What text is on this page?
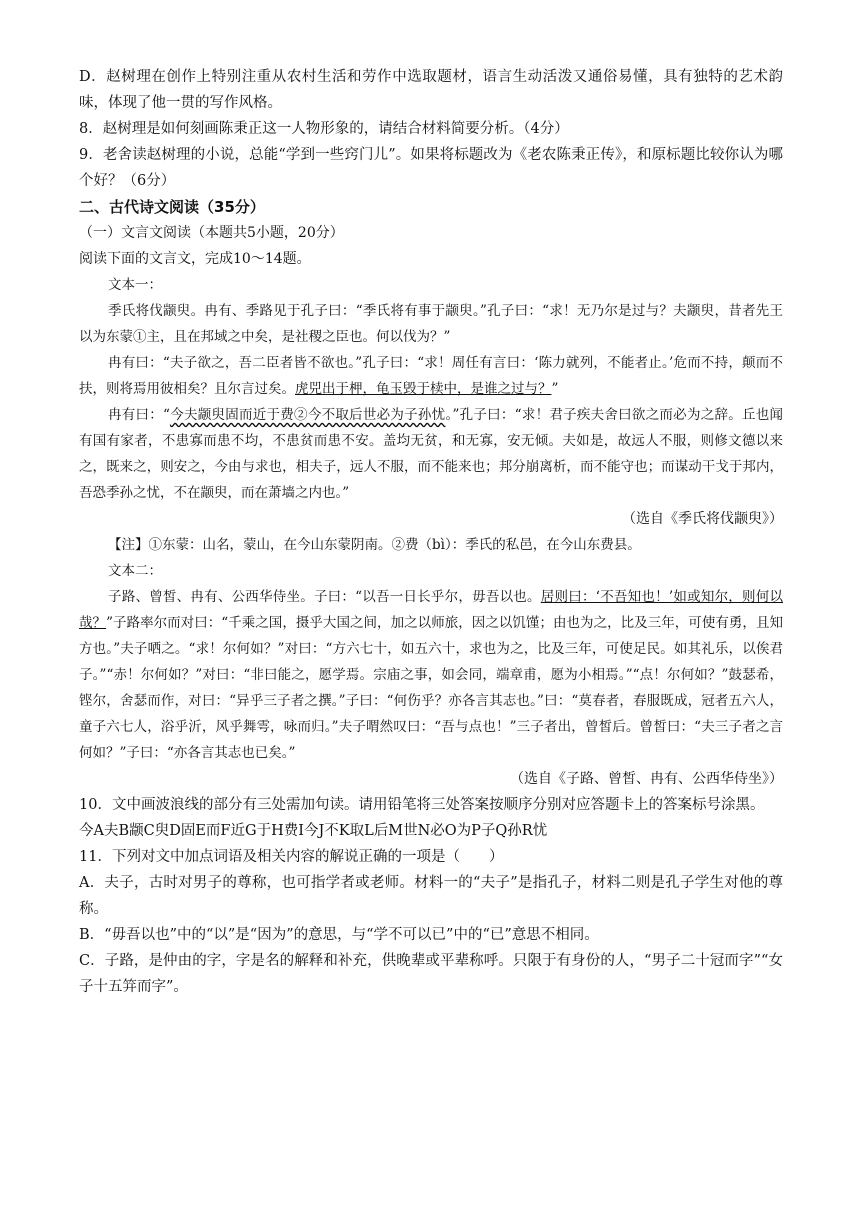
D．赵树理在创作上特别注重从农村生活和劳作中选取题材，语言生动活泼又通俗易懂，具有独特的艺术韵味，体现了他一贯的写作风格。

8．赵树理是如何刻画陈秉正这一人物形象的，请结合材料简要分析。（4分）

9．老舍读赵树理的小说，总能“学到一些窍门儿”。如果将标题改为《老农陈秉正传》，和原标题比较你认为哪个好？（6分）

二、古代诗文阅读（35分）

（一）文言文阅读（本题共5小题，20分）

阅读下面的文言文，完成10～14题。

文本一：

季氏将伐颛臾。冉有、季路见于孔子曰：“季氏将有事于颛臾。”孔子曰：“求！无乃尔是过与？夫颛臾，昔者先王以为东蒙①主，且在邦域之中矣，是社稷之臣也。何以伐为？”

冉有曰：“夫子欲之，吾二臣者皆不欲也。”孔子曰：“求！周任有言曰：‘陈力就列，不能者止。’危而不持，颠而不扶，则将焉用彼相矣？且尔言过矣。虎兕出于柙，龟玉毁于椟中，是谁之过与？”

冉有曰：“今夫颛臾固而近于费②今不取后世必为子孙忧。”孔子曰：“求！君子疾夫舍曰欲之而必为之辞。丘也闻有国有家者，不患寡而患不均，不患贫而患不安。盖均无贫，和无寡，安无倾。夫如是，故远人不服，则修文德以来之，既来之，则安之，今由与求也，相夫子，远人不服，而不能来也；邦分崩离析，而不能守也；而谋动干戈于邦内，吾恐季孙之忧，不在颛臾，而在萧墙之内也。”

（选自《季氏将伐颛臾》）

【注】①东蒙：山名，蒙山，在今山东蒙阴南。②费（bì）：季氏的私邑，在今山东费县。

文本二：

子路、曾皙、冉有、公西华侍坐。子曰：“以吾一日长乎尔，毋吾以也。居则曰：‘不吾知也！’如或知尔，则何以哉？”子路率尔而对曰：“千乘之国，摄乎大国之间，加之以师旅，因之以饥馑；由也为之，比及三年，可使有勇，且知方也。”夫子哂之。“求！尔何如？”对曰：“方六七十，如五六十，求也为之，比及三年，可使足民。如其礼乐，以俟君子。”“赤！尔何如？”对曰：“非曰能之，愿学焉。宗庙之事，如会同，端章甫，愿为小相焉。”“点！尔何如？”鼓瑟希，铿尔，舍瑟而作，对曰：“异乎三子者之撰。”子曰：“何伤乎？亦各言其志也。”曰：“莫春者，春服既成，冠者五六人，童子六七人，浴乎沂，风乎舞雩，咏而归。”夫子喟然叹曰：“吾与点也！”三子者出，曾皙后。曾皙曰：“夫三子者之言何如？”子曰：“亦各言其志也已矣。”

（选自《子路、曾皙、冉有、公西华侍坐》）

10．文中画波浪线的部分有三处需加句读。请用铅笔将三处答案按顺序分别对应答题卡上的答案标号涂黑。

今A夫B颛C臾D固E而F近G于H费I今J不K取L后M世N必O为P子Q孙R忧

11．下列对文中加点词语及相关内容的解说正确的一项是（　　）

A．夫子，古时对男子的尊称，也可指学者或老师。材料一的“夫子”是指孔子，材料二则是孔子学生对他的尊称。

B．“毋吾以也”中的“以”是“因为”的意思，与“学不可以已”中的“已”意思不相同。

C．子路，是仲由的字，字是名的解释和补充，供晚辈或平辈称呼。只限于有身份的人，“男子二十冠而字”“女子十五笄而字”。
